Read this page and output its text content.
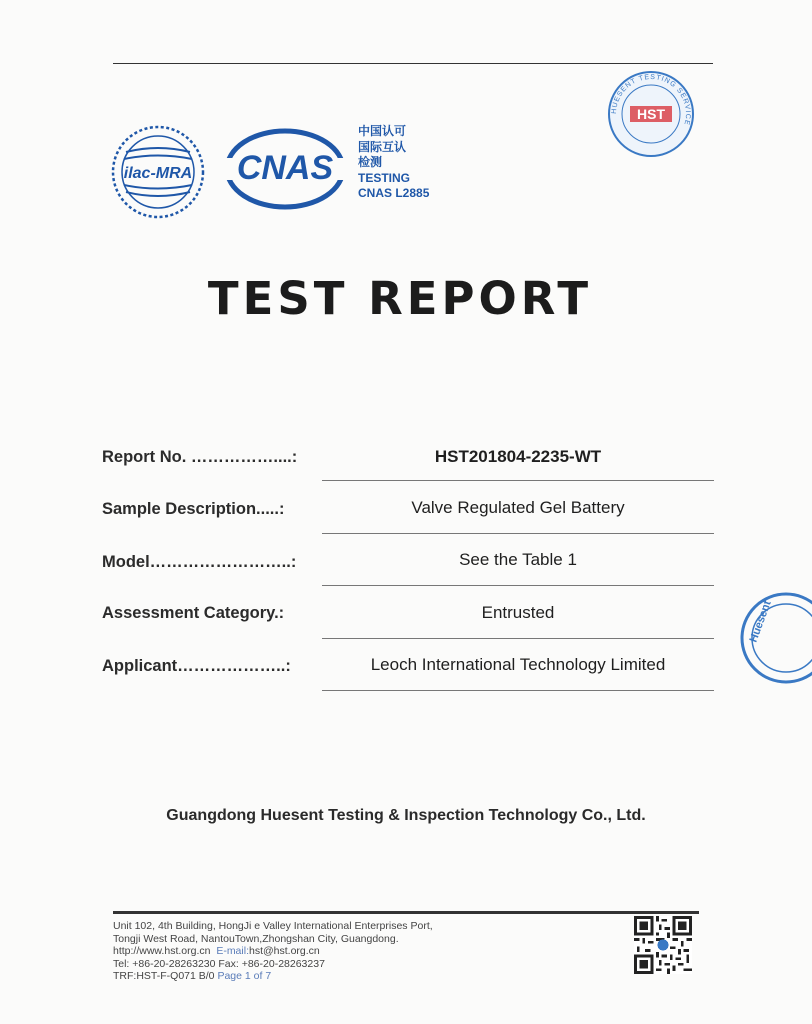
ilac-MRA CNAS
中国认可
国际互认
检测
TESTING
CNAS L2885
HUESENT TESTING SERVICE
HST
Huesent
TEST REPORT
Report No. ……………....:	HST201804-2235-WT
Sample Description.....:	Valve Regulated Gel Battery
Model……………………..:	See the Table 1
Assessment Category.:	Entrusted
Applicant………………..:	Leoch International Technology Limited
Guangdong Huesent Testing & Inspection Technology Co., Ltd.
Unit 102, 4th Building, HongJi e Valley International Enterprises Port,
Tongji West Road, NantouTown,Zhongshan City, Guangdong.
http://www.hst.org.cn E-mail:hst@hst.org.cn
Tel: +86-20-28263230 Fax: +86-20-28263237
TRF:HST-F-Q071 B/0 Page 1 of 7
